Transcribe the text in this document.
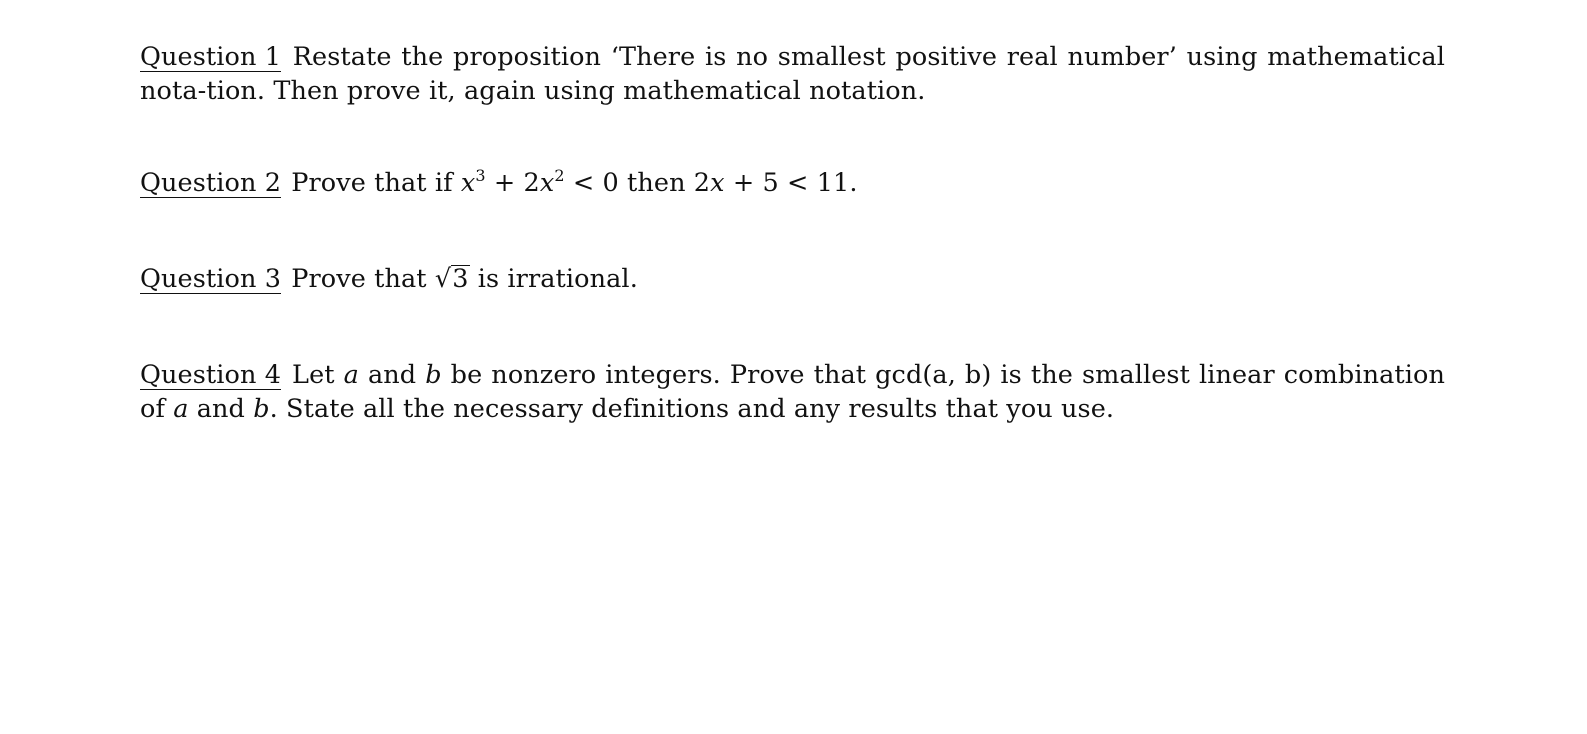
Question 1 Restate the proposition ‘There is no smallest positive real number’ using mathematical nota-tion. Then prove it, again using mathematical notation.

Question 2 Prove that if $x^3 + 2x^2 < 0$ then 2x + 5 < 11.

Question 3 Prove that √3 is irrational.

Question 4 Let a and b be nonzero integers. Prove that gcd(a, b) is the smallest linear combination of a and b. State all the necessary definitions and any results that you use.
